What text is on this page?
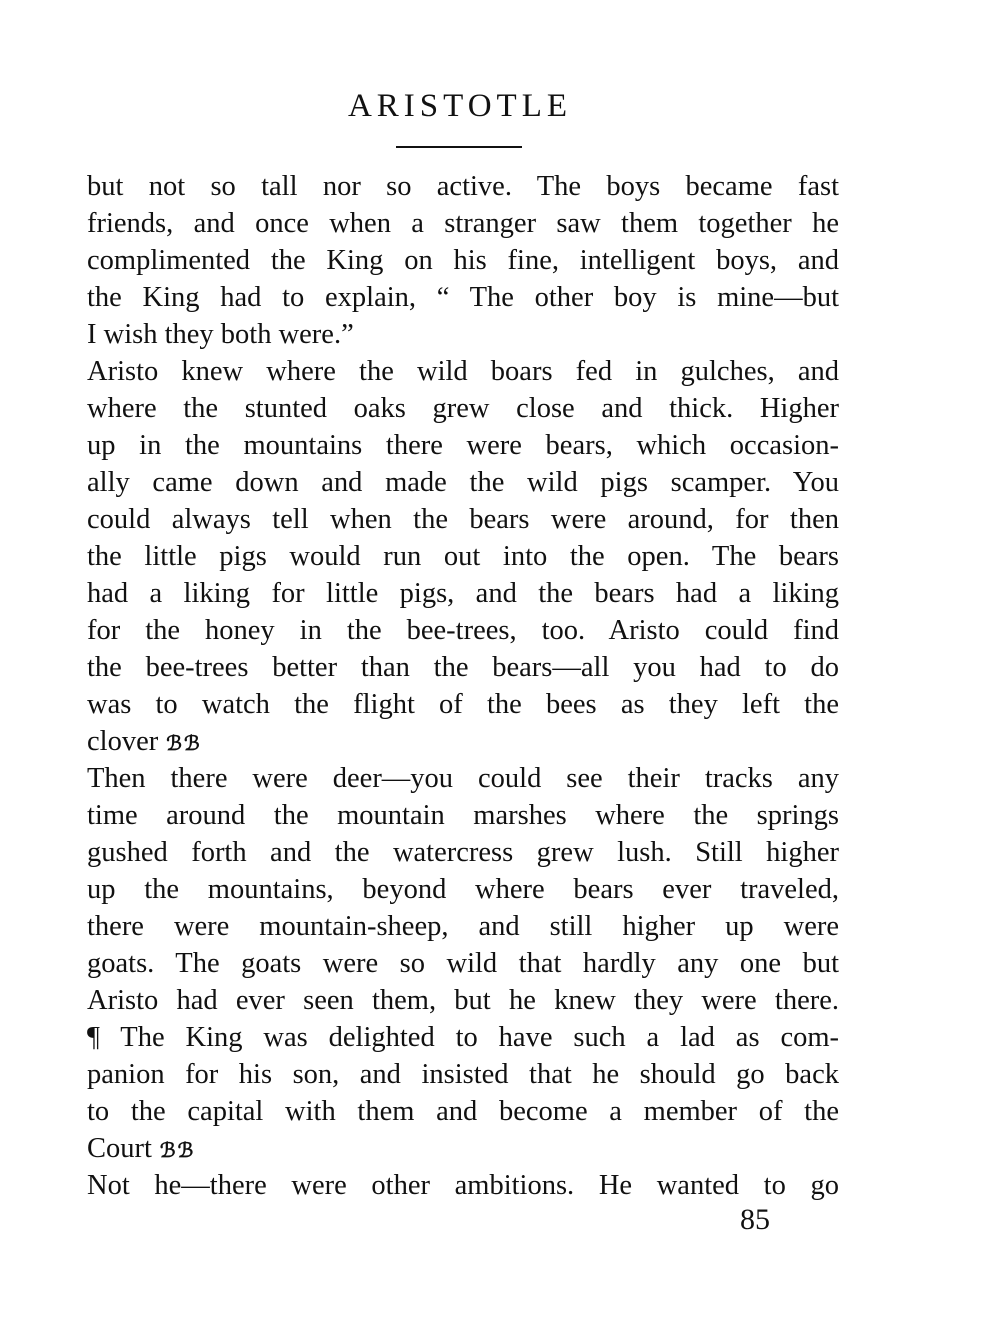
ARISTOTLE
but not so tall nor so active. The boys became fast
friends, and once when a stranger saw them together he
complimented the King on his fine, intelligent boys, and
the King had to explain, “ The other boy is mine—but
I wish they both were.”
Aristo knew where the wild boars fed in gulches, and
where the stunted oaks grew close and thick. Higher
up in the mountains there were bears, which occasion-
ally came down and made the wild pigs scamper. You
could always tell when the bears were around, for then
the little pigs would run out into the open. The bears
had a liking for little pigs, and the bears had a liking
for the honey in the bee-trees, too. Aristo could find
the bee-trees better than the bears—all you had to do
was to watch the flight of the bees as they left the
clover ℬℬ
Then there were deer—you could see their tracks any
time around the mountain marshes where the springs
gushed forth and the watercress grew lush. Still higher
up the mountains, beyond where bears ever traveled,
there were mountain-sheep, and still higher up were
goats. The goats were so wild that hardly any one but
Aristo had ever seen them, but he knew they were there.
¶ The King was delighted to have such a lad as com-
panion for his son, and insisted that he should go back
to the capital with them and become a member of the
Court ℬℬ
Not he—there were other ambitions. He wanted to go
85
